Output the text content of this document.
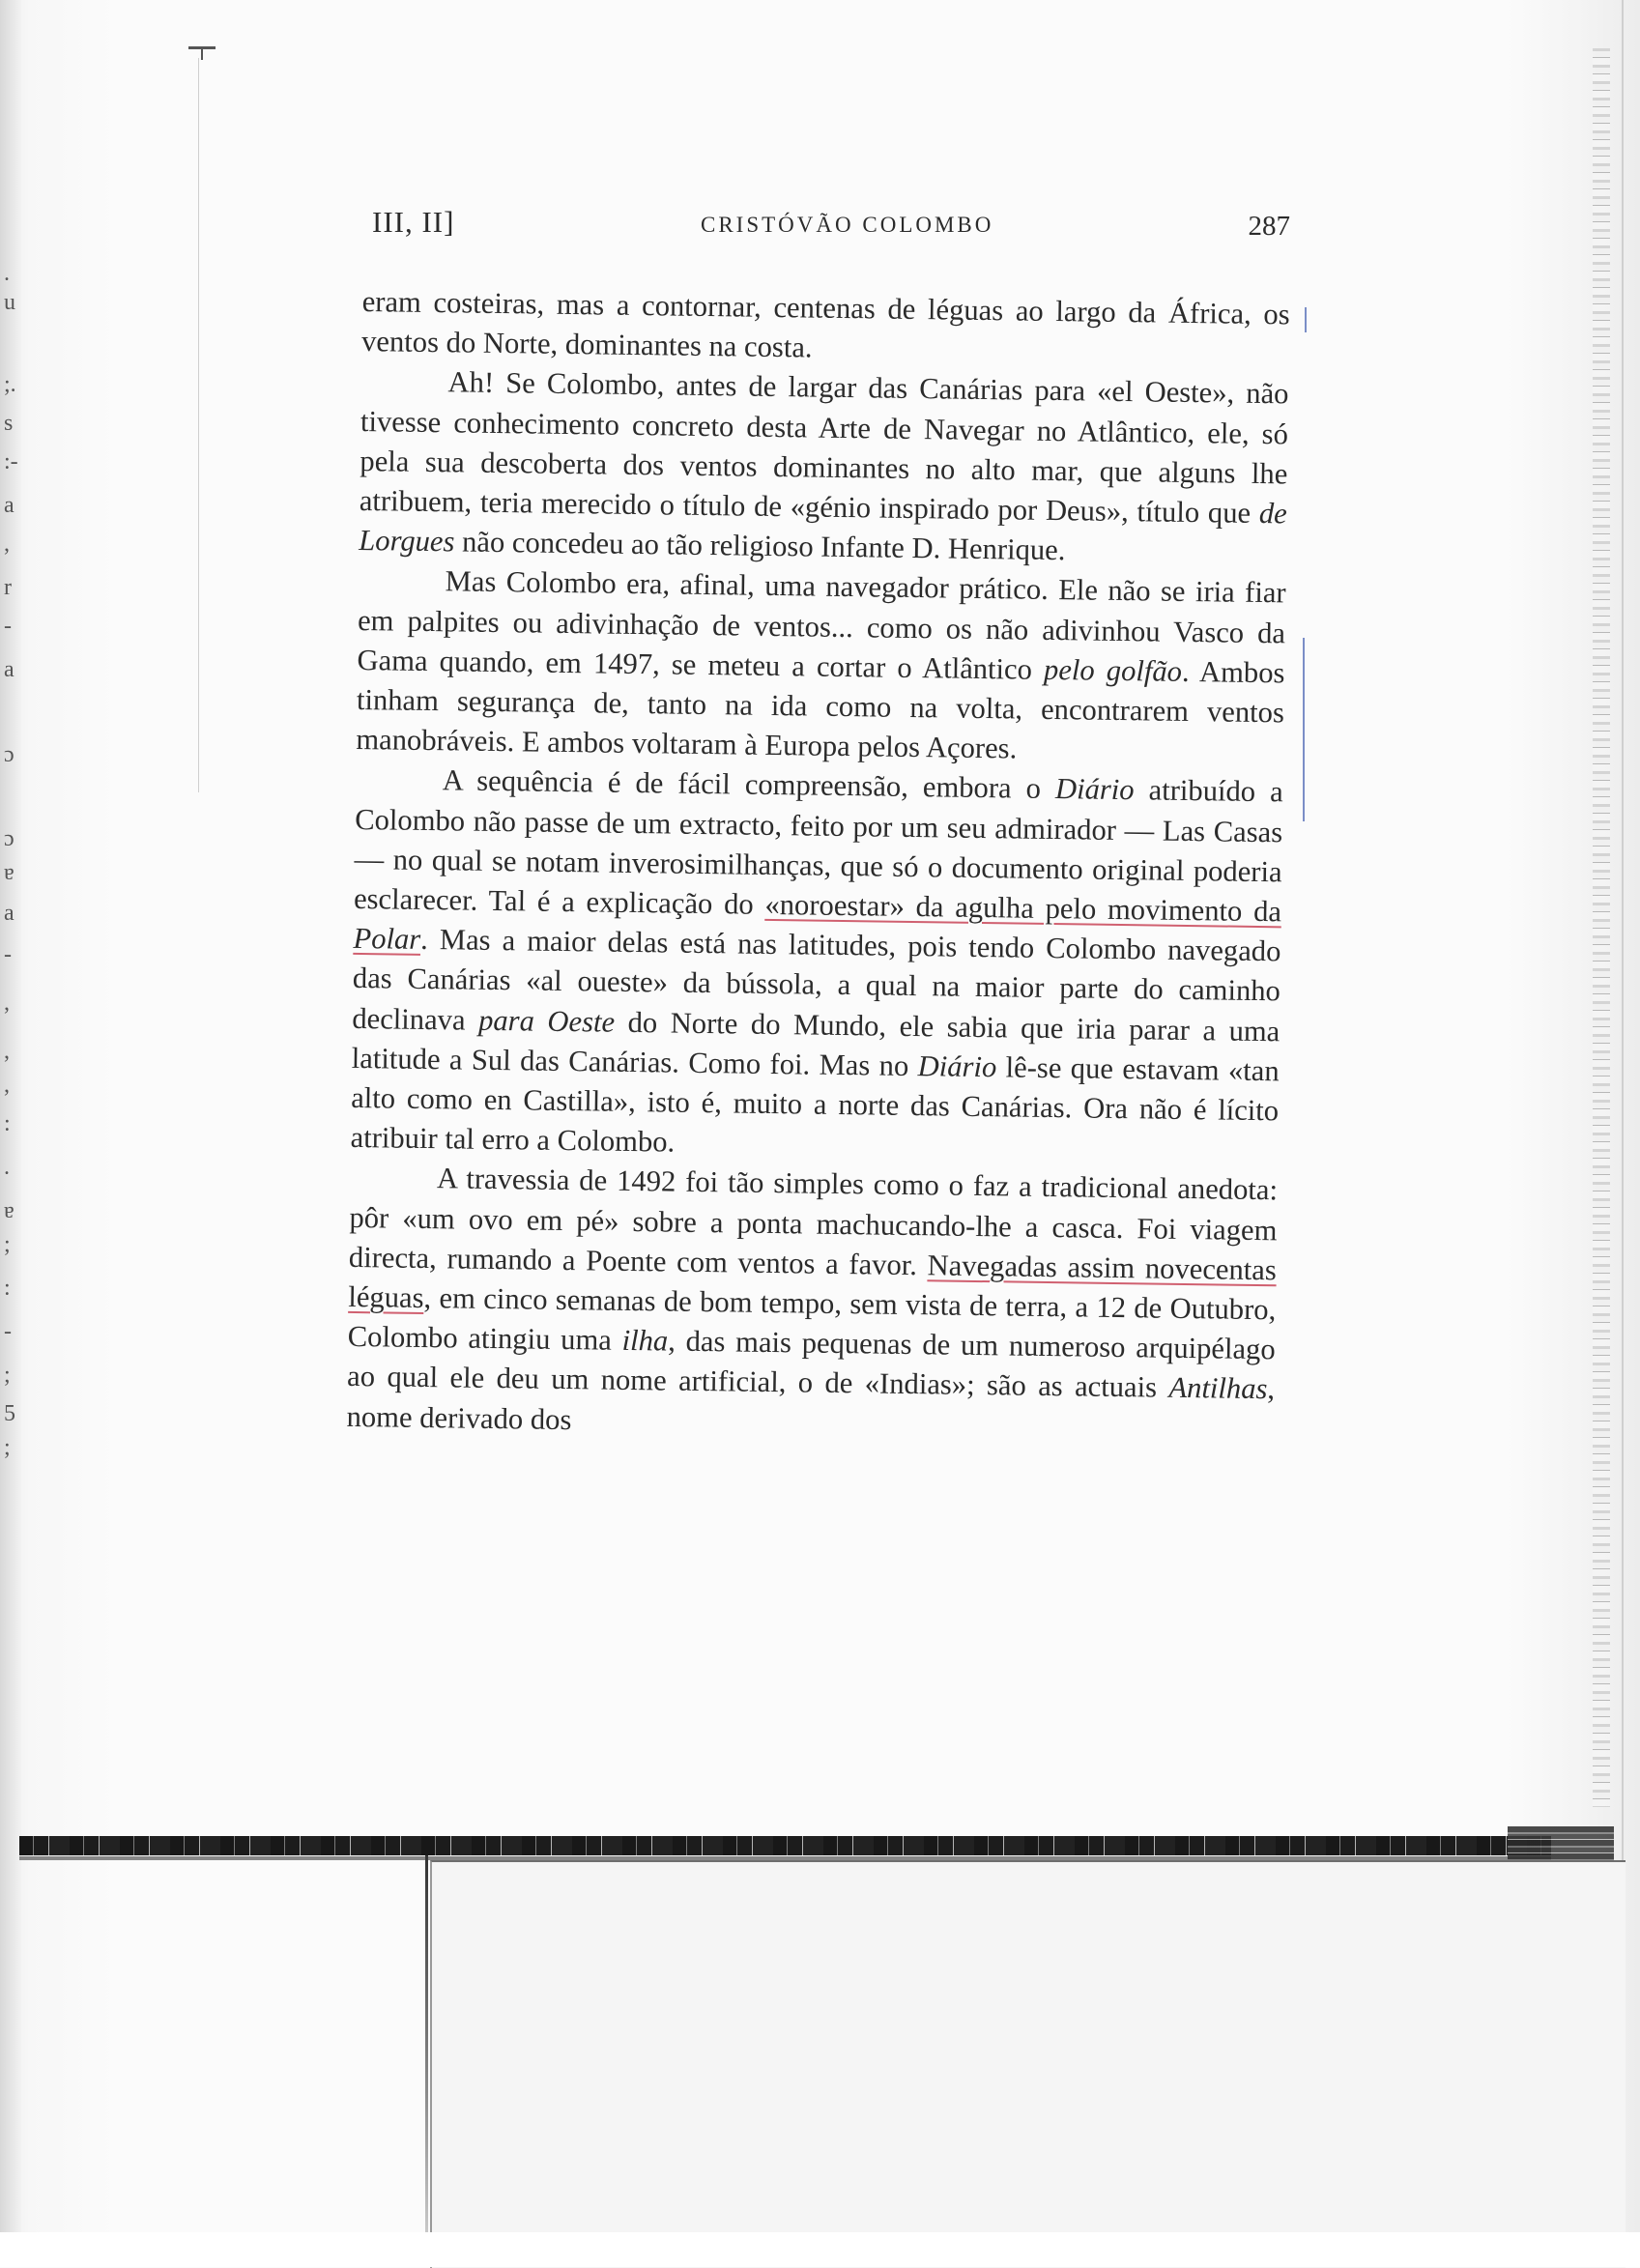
.
u
;.
s
:-
a
,
r
-
a
ɔ
ɔ
ɐ
a
-
,
,
,
:
.
ɐ
;
:
-
;
5
;
III, II]	CRISTÓVÃO COLOMBO	287

eram costeiras, mas a contornar, centenas de léguas ao largo da África, os ventos do Norte, dominantes na costa.

Ah! Se Colombo, antes de largar das Canárias para «el Oeste», não tivesse conhecimento concreto desta Arte de Navegar no Atlântico, ele, só pela sua descoberta dos ventos dominantes no alto mar, que alguns lhe atribuem, teria merecido o título de «génio inspirado por Deus», título que de Lorgues não concedeu ao tão religioso Infante D. Henrique.

Mas Colombo era, afinal, uma navegador prático. Ele não se iria fiar em palpites ou adivinhação de ventos... como os não adivinhou Vasco da Gama quando, em 1497, se meteu a cortar o Atlântico pelo golfão. Ambos tinham segurança de, tanto na ida como na volta, encontrarem ventos manobráveis. E ambos voltaram à Europa pelos Açores.

A sequência é de fácil compreensão, embora o Diário atribuído a Colombo não passe de um extracto, feito por um seu admirador — Las Casas — no qual se notam inverosimilhanças, que só o documento original poderia esclarecer. Tal é a explicação do «noroestar» da agulha pelo movimento da Polar. Mas a maior delas está nas latitudes, pois tendo Colombo navegado das Canárias «al oueste» da bússola, a qual na maior parte do caminho declinava para Oeste do Norte do Mundo, ele sabia que iria parar a uma latitude a Sul das Canárias. Como foi. Mas no Diário lê-se que estavam «tan alto como en Castilla», isto é, muito a norte das Canárias. Ora não é lícito atribuir tal erro a Colombo.

A travessia de 1492 foi tão simples como o faz a tradicional anedota: pôr «um ovo em pé» sobre a ponta machucando-lhe a casca. Foi viagem directa, rumando a Poente com ventos a favor. Navegadas assim novecentas léguas, em cinco semanas de bom tempo, sem vista de terra, a 12 de Outubro, Colombo atingiu uma ilha, das mais pequenas de um numeroso arquipélago ao qual ele deu um nome artificial, o de «Indias»; são as actuais Antilhas, nome derivado dos
